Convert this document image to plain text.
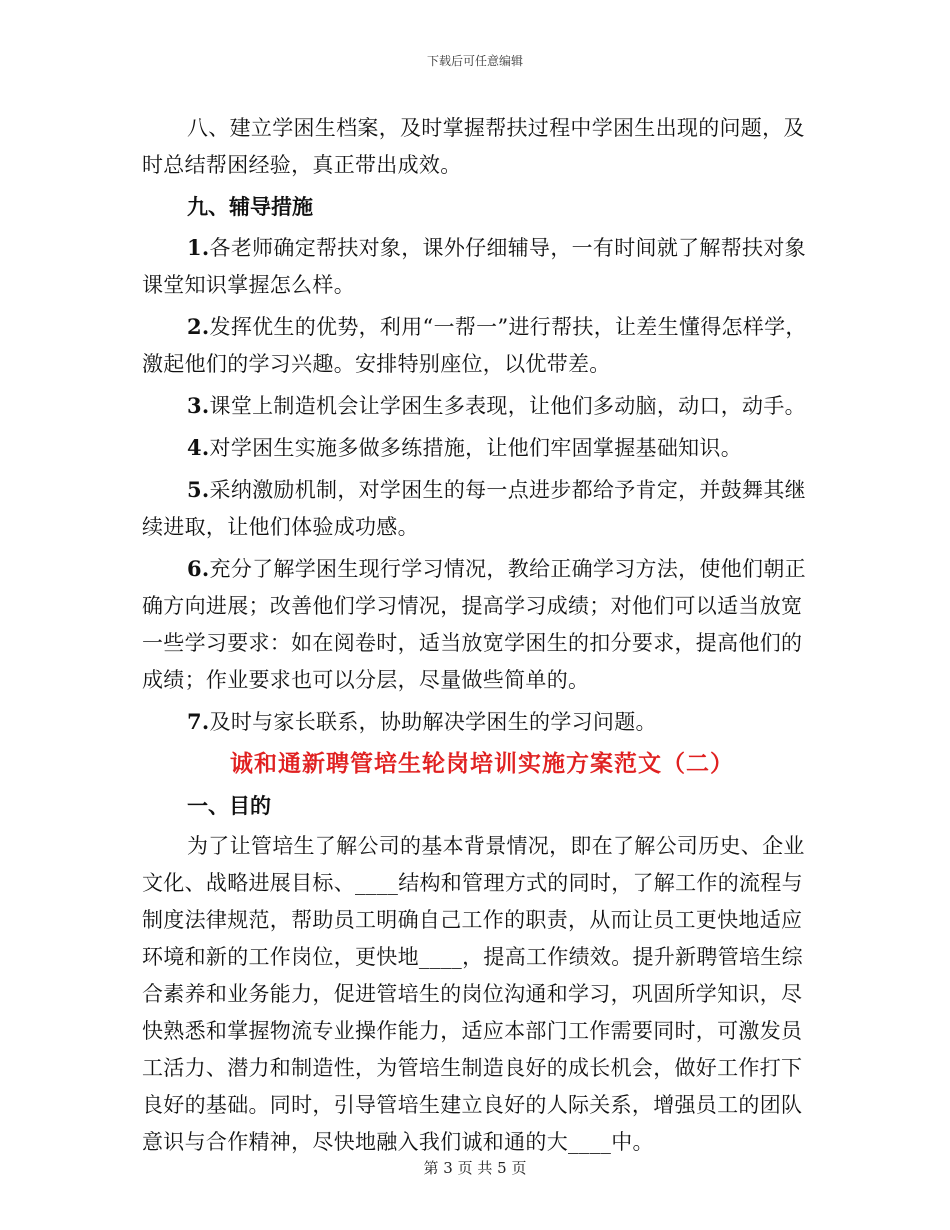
下载后可任意编辑

八、建立学困生档案，及时掌握帮扶过程中学困生出现的问题，及时总结帮困经验，真正带出成效。

九、辅导措施

1.各老师确定帮扶对象，课外仔细辅导，一有时间就了解帮扶对象课堂知识掌握怎么样。

2.发挥优生的优势，利用“一帮一”进行帮扶，让差生懂得怎样学，激起他们的学习兴趣。安排特别座位，以优带差。

3.课堂上制造机会让学困生多表现，让他们多动脑，动口，动手。

4.对学困生实施多做多练措施，让他们牢固掌握基础知识。

5.采纳激励机制，对学困生的每一点进步都给予肯定，并鼓舞其继续进取，让他们体验成功感。

6.充分了解学困生现行学习情况，教给正确学习方法，使他们朝正确方向进展；改善他们学习情况，提高学习成绩；对他们可以适当放宽一些学习要求：如在阅卷时，适当放宽学困生的扣分要求，提高他们的成绩；作业要求也可以分层，尽量做些简单的。

7.及时与家长联系，协助解决学困生的学习问题。

诚和通新聘管培生轮岗培训实施方案范文（二）

一、目的

为了让管培生了解公司的基本背景情况，即在了解公司历史、企业文化、战略进展目标、____结构和管理方式的同时，了解工作的流程与制度法律规范，帮助员工明确自己工作的职责，从而让员工更快地适应环境和新的工作岗位，更快地____，提高工作绩效。提升新聘管培生综合素养和业务能力，促进管培生的岗位沟通和学习，巩固所学知识，尽快熟悉和掌握物流专业操作能力，适应本部门工作需要同时，可激发员工活力、潜力和制造性，为管培生制造良好的成长机会，做好工作打下良好的基础。同时，引导管培生建立良好的人际关系，增强员工的团队意识与合作精神，尽快地融入我们诚和通的大____中。

第 3 页 共 5 页
